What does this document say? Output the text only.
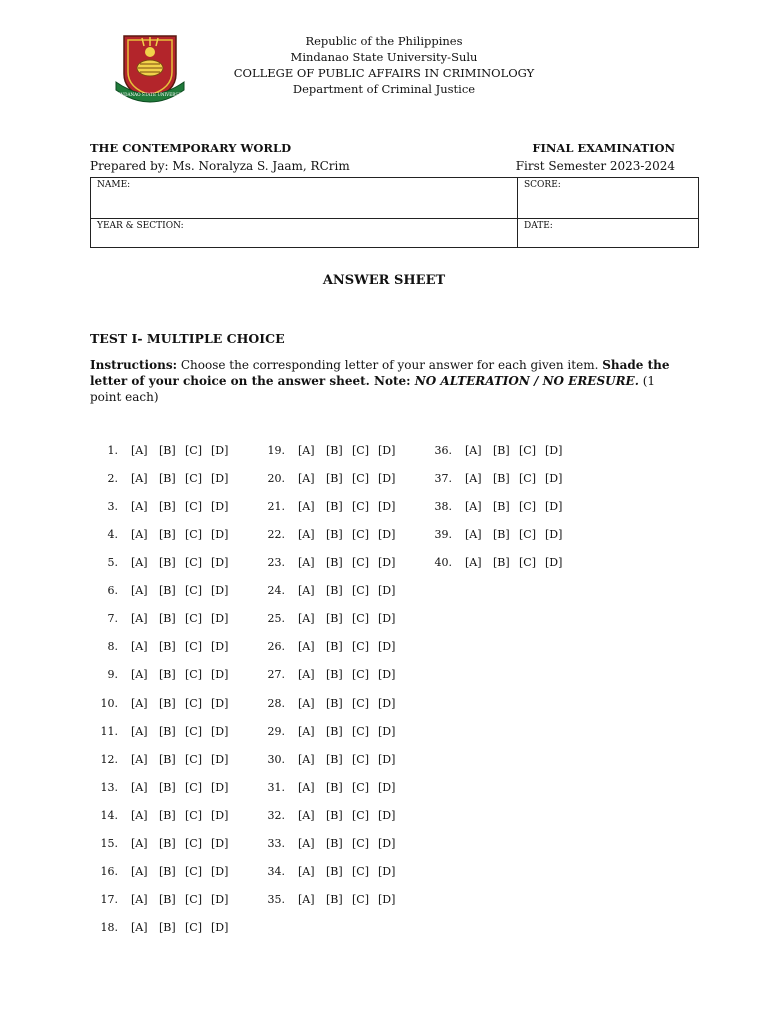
MINDANAO STATE UNIVERSITY
Republic of the Philippines
Mindanao State University-Sulu
COLLEGE OF PUBLIC AFFAIRS IN CRIMINOLOGY
Department of Criminal Justice
THE CONTEMPORARY WORLD
Prepared by: Ms. Noralyza S. Jaam, RCrim
FINAL EXAMINATION
First Semester 2023-2024
NAME:	SCORE:
YEAR & SECTION:	DATE:
ANSWER SHEET
TEST I- MULTIPLE CHOICE
Instructions: Choose the corresponding letter of your answer for each given item. Shade the letter of your choice on the answer sheet. Note: NO ALTERATION / NO ERESURE. (1 point each)
1. [A] [B] [C] [D]
2. [A] [B] [C] [D]
3. [A] [B] [C] [D]
4. [A] [B] [C] [D]
5. [A] [B] [C] [D]
6. [A] [B] [C] [D]
7. [A] [B] [C] [D]
8. [A] [B] [C] [D]
9. [A] [B] [C] [D]
10. [A] [B] [C] [D]
11. [A] [B] [C] [D]
12. [A] [B] [C] [D]
13. [A] [B] [C] [D]
14. [A] [B] [C] [D]
15. [A] [B] [C] [D]
16. [A] [B] [C] [D]
17. [A] [B] [C] [D]
18. [A] [B] [C] [D]
19. [A] [B] [C] [D]
20. [A] [B] [C] [D]
21. [A] [B] [C] [D]
22. [A] [B] [C] [D]
23. [A] [B] [C] [D]
24. [A] [B] [C] [D]
25. [A] [B] [C] [D]
26. [A] [B] [C] [D]
27. [A] [B] [C] [D]
28. [A] [B] [C] [D]
29. [A] [B] [C] [D]
30. [A] [B] [C] [D]
31. [A] [B] [C] [D]
32. [A] [B] [C] [D]
33. [A] [B] [C] [D]
34. [A] [B] [C] [D]
35. [A] [B] [C] [D]
36. [A] [B] [C] [D]
37. [A] [B] [C] [D]
38. [A] [B] [C] [D]
39. [A] [B] [C] [D]
40. [A] [B] [C] [D]
